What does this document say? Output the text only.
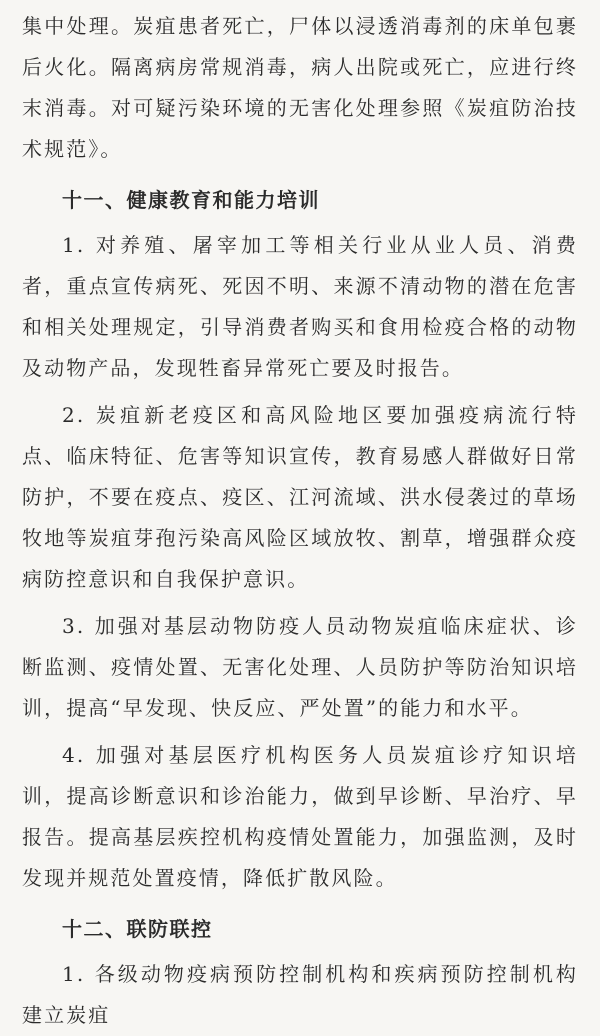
集中处理。炭疽患者死亡，尸体以浸透消毒剂的床单包裹后火化。隔离病房常规消毒，病人出院或死亡，应进行终末消毒。对可疑污染环境的无害化处理参照《炭疽防治技术规范》。

十一、健康教育和能力培训

1. 对养殖、屠宰加工等相关行业从业人员、消费者，重点宣传病死、死因不明、来源不清动物的潜在危害和相关处理规定，引导消费者购买和食用检疫合格的动物及动物产品，发现牲畜异常死亡要及时报告。

2. 炭疽新老疫区和高风险地区要加强疫病流行特点、临床特征、危害等知识宣传，教育易感人群做好日常防护，不要在疫点、疫区、江河流域、洪水侵袭过的草场牧地等炭疽芽孢污染高风险区域放牧、割草，增强群众疫病防控意识和自我保护意识。

3. 加强对基层动物防疫人员动物炭疽临床症状、诊断监测、疫情处置、无害化处理、人员防护等防治知识培训，提高“早发现、快反应、严处置”的能力和水平。

4. 加强对基层医疗机构医务人员炭疽诊疗知识培训，提高诊断意识和诊治能力，做到早诊断、早治疗、早报告。提高基层疾控机构疫情处置能力，加强监测，及时发现并规范处置疫情，降低扩散风险。

十二、联防联控

1. 各级动物疫病预防控制机构和疾病预防控制机构建立炭疽
